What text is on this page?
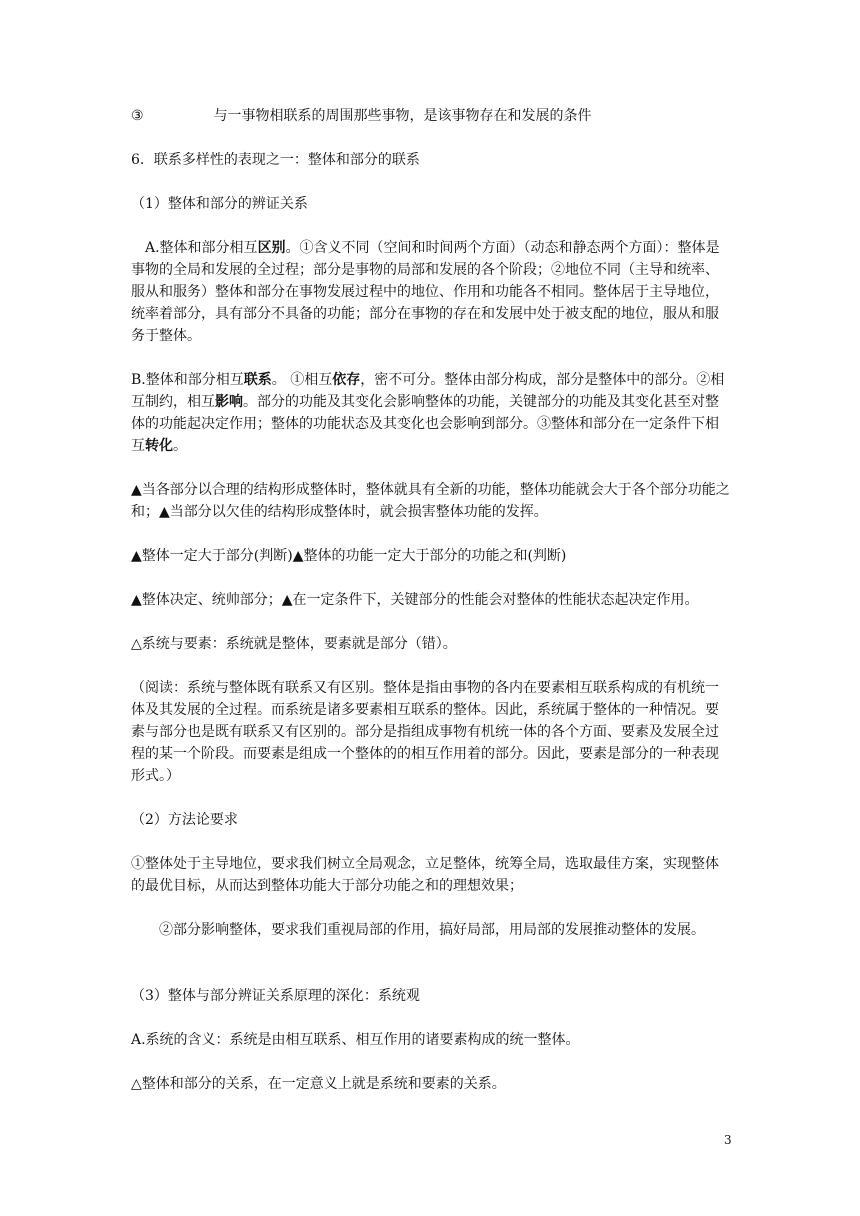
③	与一事物相联系的周围那些事物，是该事物存在和发展的条件

6．联系多样性的表现之一：整体和部分的联系

（1）整体和部分的辨证关系

A.整体和部分相互区别。①含义不同（空间和时间两个方面）（动态和静态两个方面）：整体是事物的全局和发展的全过程；部分是事物的局部和发展的各个阶段；②地位不同（主导和统率、服从和服务）整体和部分在事物发展过程中的地位、作用和功能各不相同。整体居于主导地位，统率着部分，具有部分不具备的功能；部分在事物的存在和发展中处于被支配的地位，服从和服务于整体。

B.整体和部分相互联系。 ①相互依存，密不可分。整体由部分构成，部分是整体中的部分。②相互制约，相互影响。部分的功能及其变化会影响整体的功能，关键部分的功能及其变化甚至对整体的功能起决定作用；整体的功能状态及其变化也会影响到部分。③整体和部分在一定条件下相互转化。

▲当各部分以合理的结构形成整体时，整体就具有全新的功能，整体功能就会大于各个部分功能之和；▲当部分以欠佳的结构形成整体时，就会损害整体功能的发挥。

▲整体一定大于部分(判断)▲整体的功能一定大于部分的功能之和(判断)

▲整体决定、统帅部分；▲在一定条件下，关键部分的性能会对整体的性能状态起决定作用。

△系统与要素：系统就是整体，要素就是部分（错）。

（阅读：系统与整体既有联系又有区别。整体是指由事物的各内在要素相互联系构成的有机统一体及其发展的全过程。而系统是诸多要素相互联系的整体。因此，系统属于整体的一种情况。要素与部分也是既有联系又有区别的。部分是指组成事物有机统一体的各个方面、要素及发展全过程的某一个阶段。而要素是组成一个整体的的相互作用着的部分。因此，要素是部分的一种表现形式。）

（2）方法论要求

①整体处于主导地位，要求我们树立全局观念，立足整体，统筹全局，选取最佳方案，实现整体的最优目标，从而达到整体功能大于部分功能之和的理想效果；

②部分影响整体，要求我们重视局部的作用，搞好局部，用局部的发展推动整体的发展。

（3）整体与部分辨证关系原理的深化：系统观

A.系统的含义：系统是由相互联系、相互作用的诸要素构成的统一整体。

△整体和部分的关系，在一定意义上就是系统和要素的关系。

3
